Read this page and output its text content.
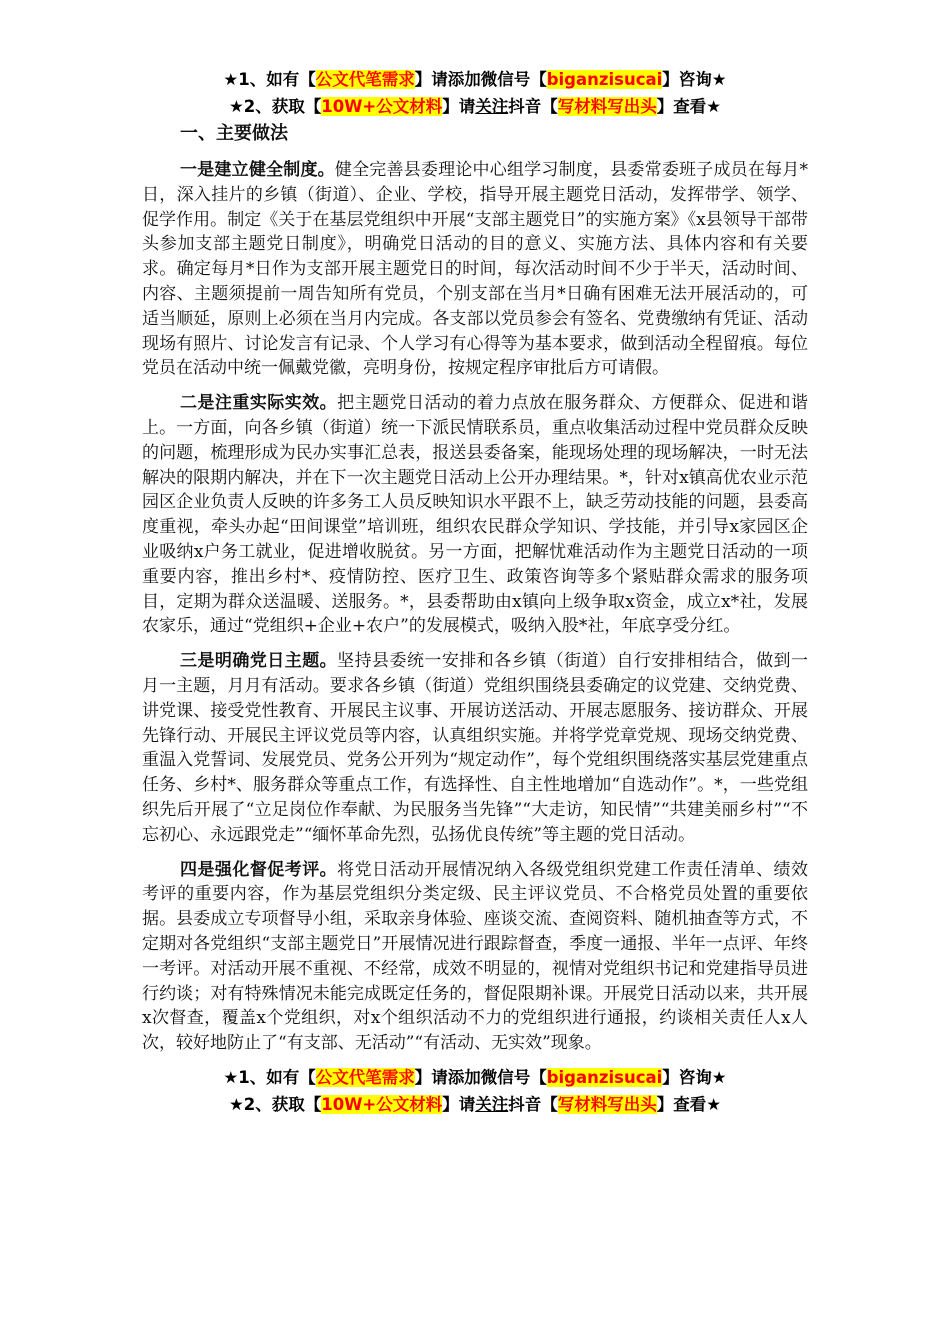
★1、如有【公文代笔需求】请添加微信号【biganzisucai】咨询★
★2、获取【10W+公文材料】请关注抖音【写材料写出头】查看★
一、主要做法

一是建立健全制度。健全完善县委理论中心组学习制度，县委常委班子成员在每月*日，深入挂片的乡镇（街道）、企业、学校，指导开展主题党日活动，发挥带学、领学、促学作用。制定《关于在基层党组织中开展“支部主题党日”的实施方案》《x县领导干部带头参加支部主题党日制度》，明确党日活动的目的意义、实施方法、具体内容和有关要求。确定每月*日作为支部开展主题党日的时间，每次活动时间不少于半天，活动时间、内容、主题须提前一周告知所有党员，个别支部在当月*日确有困难无法开展活动的，可适当顺延，原则上必须在当月内完成。各支部以党员参会有签名、党费缴纳有凭证、活动现场有照片、讨论发言有记录、个人学习有心得等为基本要求，做到活动全程留痕。每位党员在活动中统一佩戴党徽，亮明身份，按规定程序审批后方可请假。

二是注重实际实效。把主题党日活动的着力点放在服务群众、方便群众、促进和谐上。一方面，向各乡镇（街道）统一下派民情联系员，重点收集活动过程中党员群众反映的问题，梳理形成为民办实事汇总表，报送县委备案，能现场处理的现场解决，一时无法解决的限期内解决，并在下一次主题党日活动上公开办理结果。*，针对x镇高优农业示范园区企业负责人反映的许多务工人员反映知识水平跟不上，缺乏劳动技能的问题，县委高度重视，牵头办起“田间课堂”培训班，组织农民群众学知识、学技能，并引导x家园区企业吸纳x户务工就业，促进增收脱贫。另一方面，把解忧难活动作为主题党日活动的一项重要内容，推出乡村*、疫情防控、医疗卫生、政策咨询等多个紧贴群众需求的服务项目，定期为群众送温暖、送服务。*，县委帮助由x镇向上级争取x资金，成立x*社，发展农家乐，通过“党组织+企业+农户”的发展模式，吸纳入股*社，年底享受分红。

三是明确党日主题。坚持县委统一安排和各乡镇（街道）自行安排相结合，做到一月一主题，月月有活动。要求各乡镇（街道）党组织围绕县委确定的议党建、交纳党费、讲党课、接受党性教育、开展民主议事、开展访送活动、开展志愿服务、接访群众、开展先锋行动、开展民主评议党员等内容，认真组织实施。并将学党章党规、现场交纳党费、重温入党誓词、发展党员、党务公开列为“规定动作”，每个党组织围绕落实基层党建重点任务、乡村*、服务群众等重点工作，有选择性、自主性地增加“自选动作”。*，一些党组织先后开展了“立足岗位作奉献、为民服务当先锋”“大走访，知民情”“共建美丽乡村”“不忘初心、永远跟党走”“缅怀革命先烈，弘扬优良传统”等主题的党日活动。

四是强化督促考评。将党日活动开展情况纳入各级党组织党建工作责任清单、绩效考评的重要内容，作为基层党组织分类定级、民主评议党员、不合格党员处置的重要依据。县委成立专项督导小组，采取亲身体验、座谈交流、查阅资料、随机抽查等方式，不定期对各党组织“支部主题党日”开展情况进行跟踪督查，季度一通报、半年一点评、年终一考评。对活动开展不重视、不经常，成效不明显的，视情对党组织书记和党建指导员进行约谈；对有特殊情况未能完成既定任务的，督促限期补课。开展党日活动以来，共开展x次督查，覆盖x个党组织，对x个组织活动不力的党组织进行通报，约谈相关责任人x人次，较好地防止了“有支部、无活动”“有活动、无实效”现象。

★1、如有【公文代笔需求】请添加微信号【biganzisucai】咨询★
★2、获取【10W+公文材料】请关注抖音【写材料写出头】查看★
